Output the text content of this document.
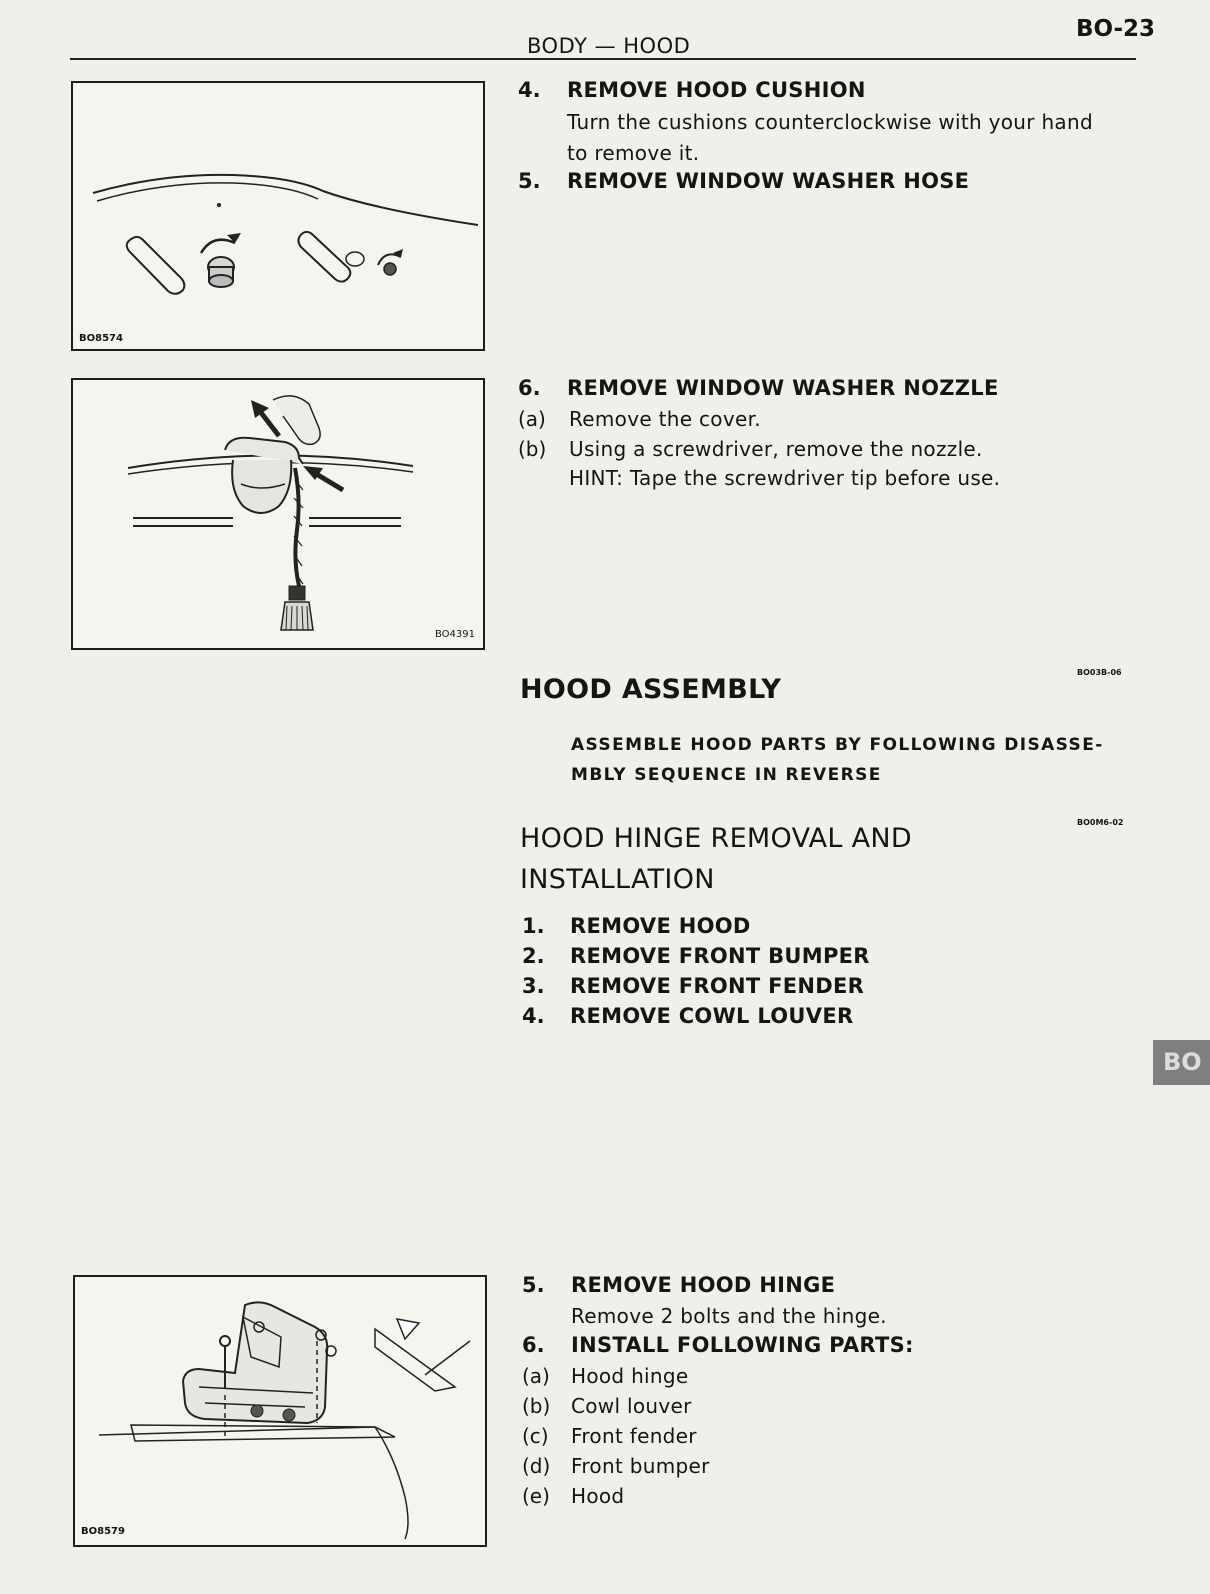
BODY — HOOD
BO-23
BO8574
BO4391
4. REMOVE HOOD CUSHION
Turn the cushions counterclockwise with your hand
to remove it.
5. REMOVE WINDOW WASHER HOSE
6. REMOVE WINDOW WASHER NOZZLE
(a) Remove the cover.
(b) Using a screwdriver, remove the nozzle.
HINT: Tape the screwdriver tip before use.
BO03B-06
HOOD ASSEMBLY
ASSEMBLE HOOD PARTS BY FOLLOWING DISASSE-
MBLY SEQUENCE IN REVERSE
BO0M6-02
HOOD HINGE REMOVAL AND
INSTALLATION
1. REMOVE HOOD
2. REMOVE FRONT BUMPER
3. REMOVE FRONT FENDER
4. REMOVE COWL LOUVER
BO
BO8579
5. REMOVE HOOD HINGE
Remove 2 bolts and the hinge.
6. INSTALL FOLLOWING PARTS:
(a) Hood hinge
(b) Cowl louver
(c) Front fender
(d) Front bumper
(e) Hood
